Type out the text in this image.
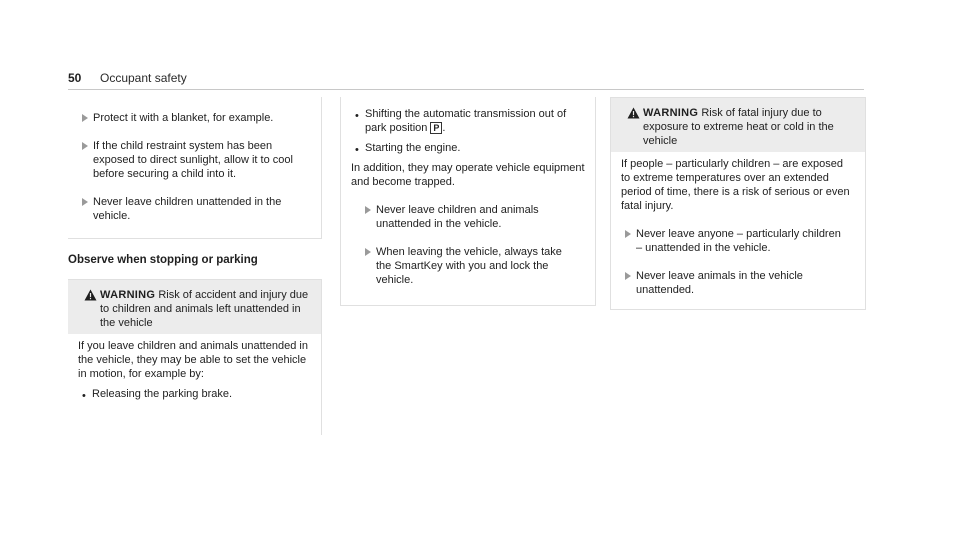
50 Occupant safety
Protect it with a blanket, for example.
If the child restraint system has been exposed to direct sunlight, allow it to cool before securing a child into it.
Never leave children unattended in the vehicle.
Observe when stopping or parking
WARNING Risk of accident and injury due to children and animals left unattended in the vehicle
If you leave children and animals unattended in the vehicle, they may be able to set the vehicle in motion, for example by:
• Releasing the parking brake.
• Shifting the automatic transmission out of park position P .
• Starting the engine.
In addition, they may operate vehicle equipment and become trapped.
Never leave children and animals unattended in the vehicle.
When leaving the vehicle, always take the SmartKey with you and lock the vehicle.
WARNING Risk of fatal injury due to exposure to extreme heat or cold in the vehicle
If people – particularly children – are exposed to extreme temperatures over an extended period of time, there is a risk of serious or even fatal injury.
Never leave anyone – particularly children – unattended in the vehicle.
Never leave animals in the vehicle unattended.
